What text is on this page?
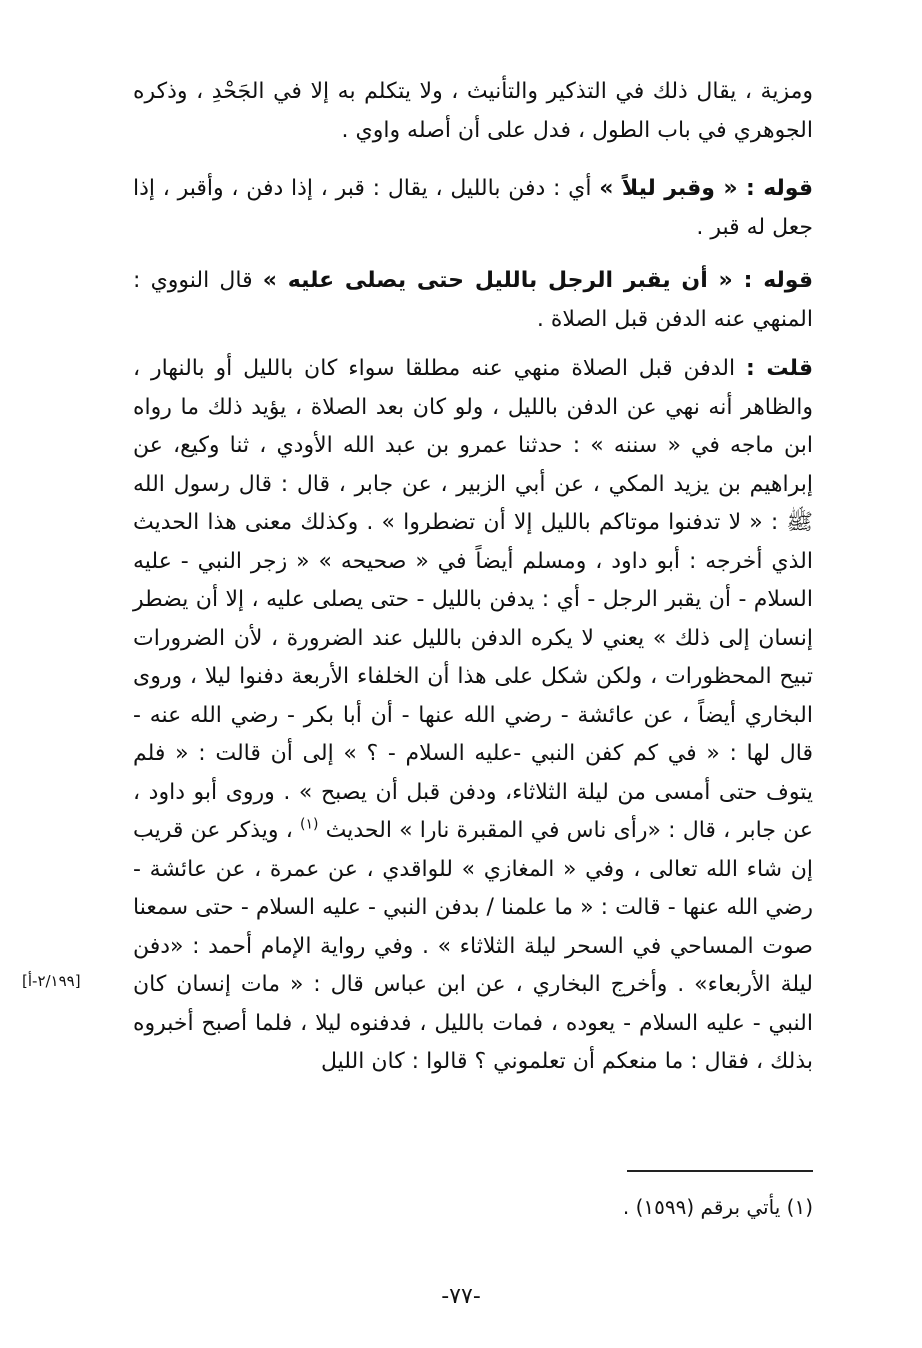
ومزية ، يقال ذلك في التذكير والتأنيث ، ولا يتكلم به إلا في الجَحْدِ ، وذكره الجوهري في باب الطول ، فدل على أن أصله واوي .

قوله : « وقبر ليلاً » أي : دفن بالليل ، يقال : قبر ، إذا دفن ، وأقبر ، إذا جعل له قبر .

قوله : « أن يقبر الرجل بالليل حتى يصلى عليه » قال النووي : المنهي عنه الدفن قبل الصلاة .

قلت : الدفن قبل الصلاة منهي عنه مطلقا سواء كان بالليل أو بالنهار ، والظاهر أنه نهي عن الدفن بالليل ، ولو كان بعد الصلاة ، يؤيد ذلك ما رواه ابن ماجه في « سننه » : حدثنا عمرو بن عبد الله الأودي ، ثنا وكيع، عن إبراهيم بن يزيد المكي ، عن أبي الزبير ، عن جابر ، قال : قال رسول الله ﷺ : « لا تدفنوا موتاكم بالليل إلا أن تضطروا » . وكذلك معنى هذا الحديث الذي أخرجه : أبو داود ، ومسلم أيضاً في « صحيحه » « زجر النبي - عليه السلام - أن يقبر الرجل - أي : يدفن بالليل - حتى يصلى عليه ، إلا أن يضطر إنسان إلى ذلك » يعني لا يكره الدفن بالليل عند الضرورة ، لأن الضرورات تبيح المحظورات ، ولكن شكل على هذا أن الخلفاء الأربعة دفنوا ليلا ، وروى البخاري أيضاً ، عن عائشة - رضي الله عنها - أن أبا بكر - رضي الله عنه - قال لها : « في كم كفن النبي -عليه السلام - ؟ » إلى أن قالت : « فلم يتوف حتى أمسى من ليلة الثلاثاء، ودفن قبل أن يصبح » . وروى أبو داود ، عن جابر ، قال : «رأى ناس في المقبرة نارا » الحديث $^{(١)}$ ، ويذكر عن قريب إن شاء الله تعالى ، وفي « المغازي » للواقدي ، عن عمرة ، عن عائشة - رضي الله عنها - قالت : « ما علمنا / بدفن النبي - عليه السلام - حتى سمعنا صوت المساحي في السحر ليلة الثلاثاء » . وفي رواية الإمام أحمد : «دفن ليلة الأربعاء» . وأخرج البخاري ، عن ابن عباس قال : « مات إنسان كان النبي - عليه السلام - يعوده ، فمات بالليل ، فدفنوه ليلا ، فلما أصبح أخبروه بذلك ، فقال : ما منعكم أن تعلموني ؟ قالوا : كان الليل

[٢/١٩٩-أ]
(١) يأتي برقم (١٥٩٩) .
-٧٧-
